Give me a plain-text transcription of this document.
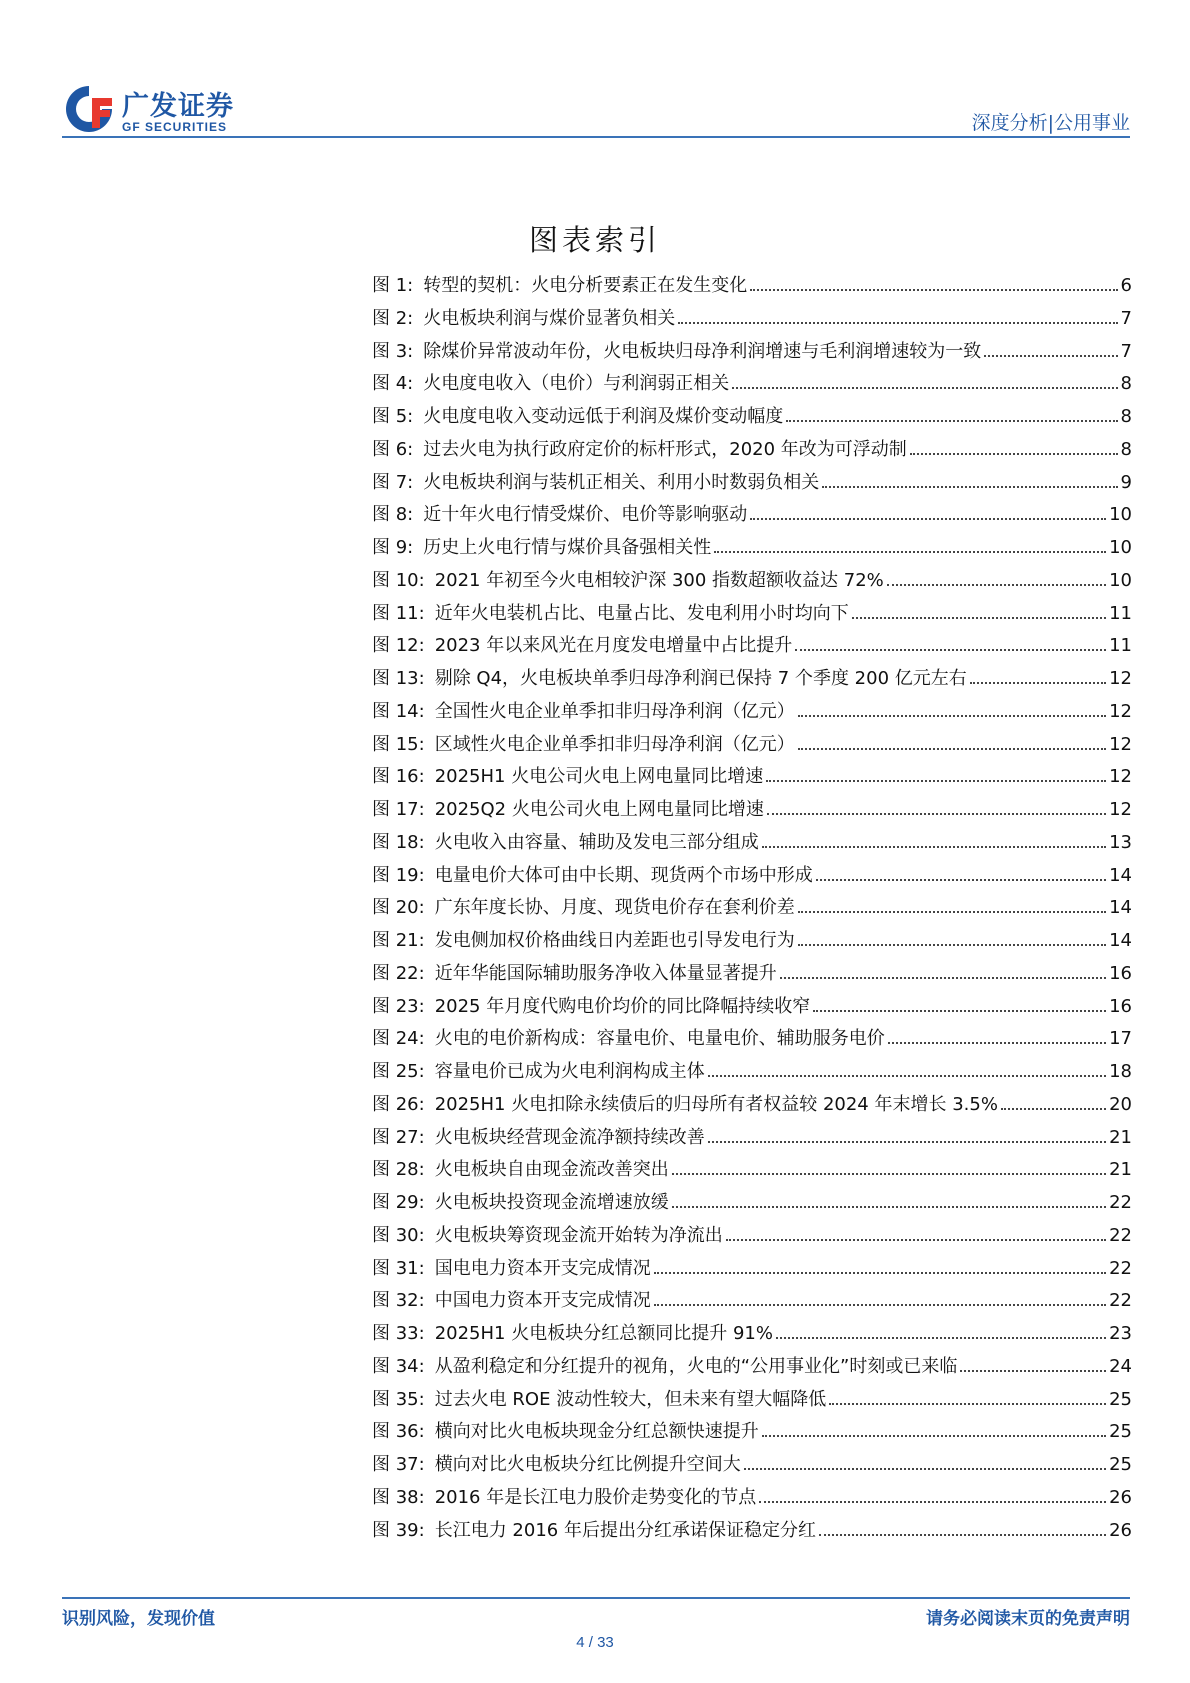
广发证券
GF SECURITIES	深度分析|公用事业
图表索引
图 1: 转型的契机：火电分析要素正在发生变化	6
图 2: 火电板块利润与煤价显著负相关	7
图 3: 除煤价异常波动年份，火电板块归母净利润增速与毛利润增速较为一致	7
图 4: 火电度电收入（电价）与利润弱正相关	8
图 5: 火电度电收入变动远低于利润及煤价变动幅度	8
图 6: 过去火电为执行政府定价的标杆形式，2020 年改为可浮动制	8
图 7: 火电板块利润与装机正相关、利用小时数弱负相关	9
图 8: 近十年火电行情受煤价、电价等影响驱动	10
图 9: 历史上火电行情与煤价具备强相关性	10
图 10: 2021 年初至今火电相较沪深 300 指数超额收益达 72%	10
图 11: 近年火电装机占比、电量占比、发电利用小时均向下	11
图 12: 2023 年以来风光在月度发电增量中占比提升	11
图 13: 剔除 Q4，火电板块单季归母净利润已保持 7 个季度 200 亿元左右	12
图 14: 全国性火电企业单季扣非归母净利润（亿元）	12
图 15: 区域性火电企业单季扣非归母净利润（亿元）	12
图 16: 2025H1 火电公司火电上网电量同比增速	12
图 17: 2025Q2 火电公司火电上网电量同比增速	12
图 18: 火电收入由容量、辅助及发电三部分组成	13
图 19: 电量电价大体可由中长期、现货两个市场中形成	14
图 20: 广东年度长协、月度、现货电价存在套利价差	14
图 21: 发电侧加权价格曲线日内差距也引导发电行为	14
图 22: 近年华能国际辅助服务净收入体量显著提升	16
图 23: 2025 年月度代购电价均价的同比降幅持续收窄	16
图 24: 火电的电价新构成：容量电价、电量电价、辅助服务电价	17
图 25: 容量电价已成为火电利润构成主体	18
图 26: 2025H1 火电扣除永续债后的归母所有者权益较 2024 年末增长 3.5%	20
图 27: 火电板块经营现金流净额持续改善	21
图 28: 火电板块自由现金流改善突出	21
图 29: 火电板块投资现金流增速放缓	22
图 30: 火电板块筹资现金流开始转为净流出	22
图 31: 国电电力资本开支完成情况	22
图 32: 中国电力资本开支完成情况	22
图 33: 2025H1 火电板块分红总额同比提升 91%	23
图 34: 从盈利稳定和分红提升的视角，火电的“公用事业化”时刻或已来临	24
图 35: 过去火电 ROE 波动性较大，但未来有望大幅降低	25
图 36: 横向对比火电板块现金分红总额快速提升	25
图 37: 横向对比火电板块分红比例提升空间大	25
图 38: 2016 年是长江电力股价走势变化的节点	26
图 39: 长江电力 2016 年后提出分红承诺保证稳定分红	26
识别风险，发现价值	请务必阅读末页的免责声明
4 / 33
